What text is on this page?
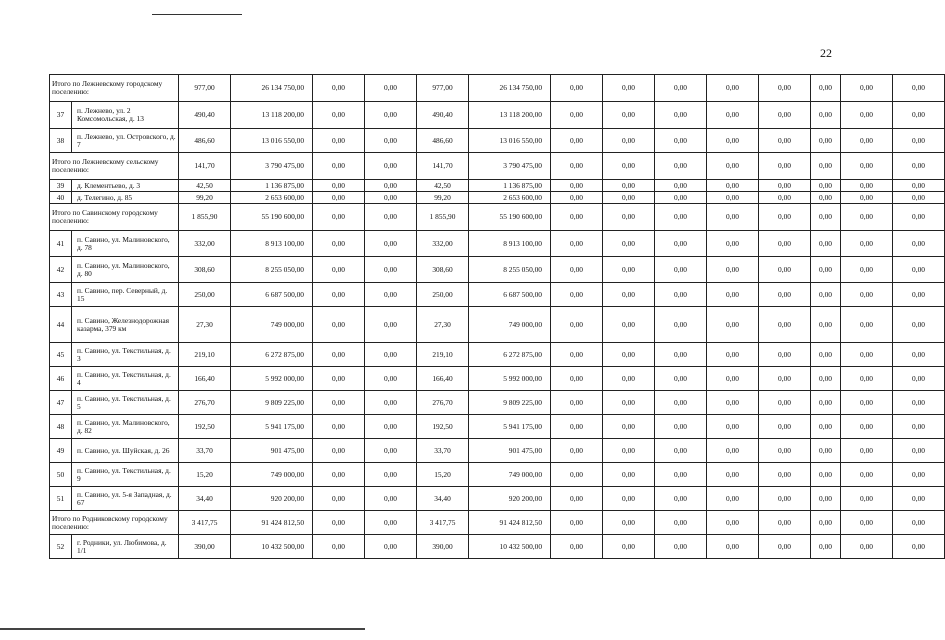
22
Итого по Лежневскому городскому поселению:		977,00	26 134 750,00	0,00	0,00	977,00	26 134 750,00	0,00	0,00	0,00	0,00	0,00	0,00	0,00	0,00
37	п. Лежнево, ул. 2 Комсомольская, д. 13	490,40	13 118 200,00	0,00	0,00	490,40	13 118 200,00	0,00	0,00	0,00	0,00	0,00	0,00	0,00	0,00
38	п. Лежнево, ул. Островского, д. 7	486,60	13 016 550,00	0,00	0,00	486,60	13 016 550,00	0,00	0,00	0,00	0,00	0,00	0,00	0,00	0,00
Итого по Лежневскому сельскому поселению:		141,70	3 790 475,00	0,00	0,00	141,70	3 790 475,00	0,00	0,00	0,00	0,00	0,00	0,00	0,00	0,00
39	д. Клементьево, д. 3	42,50	1 136 875,00	0,00	0,00	42,50	1 136 875,00	0,00	0,00	0,00	0,00	0,00	0,00	0,00	0,00
40	д. Телегино, д. 85	99,20	2 653 600,00	0,00	0,00	99,20	2 653 600,00	0,00	0,00	0,00	0,00	0,00	0,00	0,00	0,00
Итого по Савинскому городскому поселению:		1 855,90	55 190 600,00	0,00	0,00	1 855,90	55 190 600,00	0,00	0,00	0,00	0,00	0,00	0,00	0,00	0,00
41	п. Савино, ул. Малиновского, д. 78	332,00	8 913 100,00	0,00	0,00	332,00	8 913 100,00	0,00	0,00	0,00	0,00	0,00	0,00	0,00	0,00
42	п. Савино, ул. Малиновского, д. 80	308,60	8 255 050,00	0,00	0,00	308,60	8 255 050,00	0,00	0,00	0,00	0,00	0,00	0,00	0,00	0,00
43	п. Савино, пер. Северный, д. 15	250,00	6 687 500,00	0,00	0,00	250,00	6 687 500,00	0,00	0,00	0,00	0,00	0,00	0,00	0,00	0,00
44	п. Савино, Железнодорожная казарма, 379 км	27,30	749 000,00	0,00	0,00	27,30	749 000,00	0,00	0,00	0,00	0,00	0,00	0,00	0,00	0,00
45	п. Савино, ул. Текстильная, д. 3	219,10	6 272 875,00	0,00	0,00	219,10	6 272 875,00	0,00	0,00	0,00	0,00	0,00	0,00	0,00	0,00
46	п. Савино, ул. Текстильная, д. 4	166,40	5 992 000,00	0,00	0,00	166,40	5 992 000,00	0,00	0,00	0,00	0,00	0,00	0,00	0,00	0,00
47	п. Савино, ул. Текстильная, д. 5	276,70	9 809 225,00	0,00	0,00	276,70	9 809 225,00	0,00	0,00	0,00	0,00	0,00	0,00	0,00	0,00
48	п. Савино, ул. Малиновского, д. 82	192,50	5 941 175,00	0,00	0,00	192,50	5 941 175,00	0,00	0,00	0,00	0,00	0,00	0,00	0,00	0,00
49	п. Савино, ул. Шуйская, д. 26	33,70	901 475,00	0,00	0,00	33,70	901 475,00	0,00	0,00	0,00	0,00	0,00	0,00	0,00	0,00
50	п. Савино, ул. Текстильная, д. 9	15,20	749 000,00	0,00	0,00	15,20	749 000,00	0,00	0,00	0,00	0,00	0,00	0,00	0,00	0,00
51	п. Савино, ул. 5-я Западная, д. 67	34,40	920 200,00	0,00	0,00	34,40	920 200,00	0,00	0,00	0,00	0,00	0,00	0,00	0,00	0,00
Итого по Родниковскому городскому поселению:		3 417,75	91 424 812,50	0,00	0,00	3 417,75	91 424 812,50	0,00	0,00	0,00	0,00	0,00	0,00	0,00	0,00
52	г. Родники, ул. Любимова, д. 1/1	390,00	10 432 500,00	0,00	0,00	390,00	10 432 500,00	0,00	0,00	0,00	0,00	0,00	0,00	0,00	0,00
